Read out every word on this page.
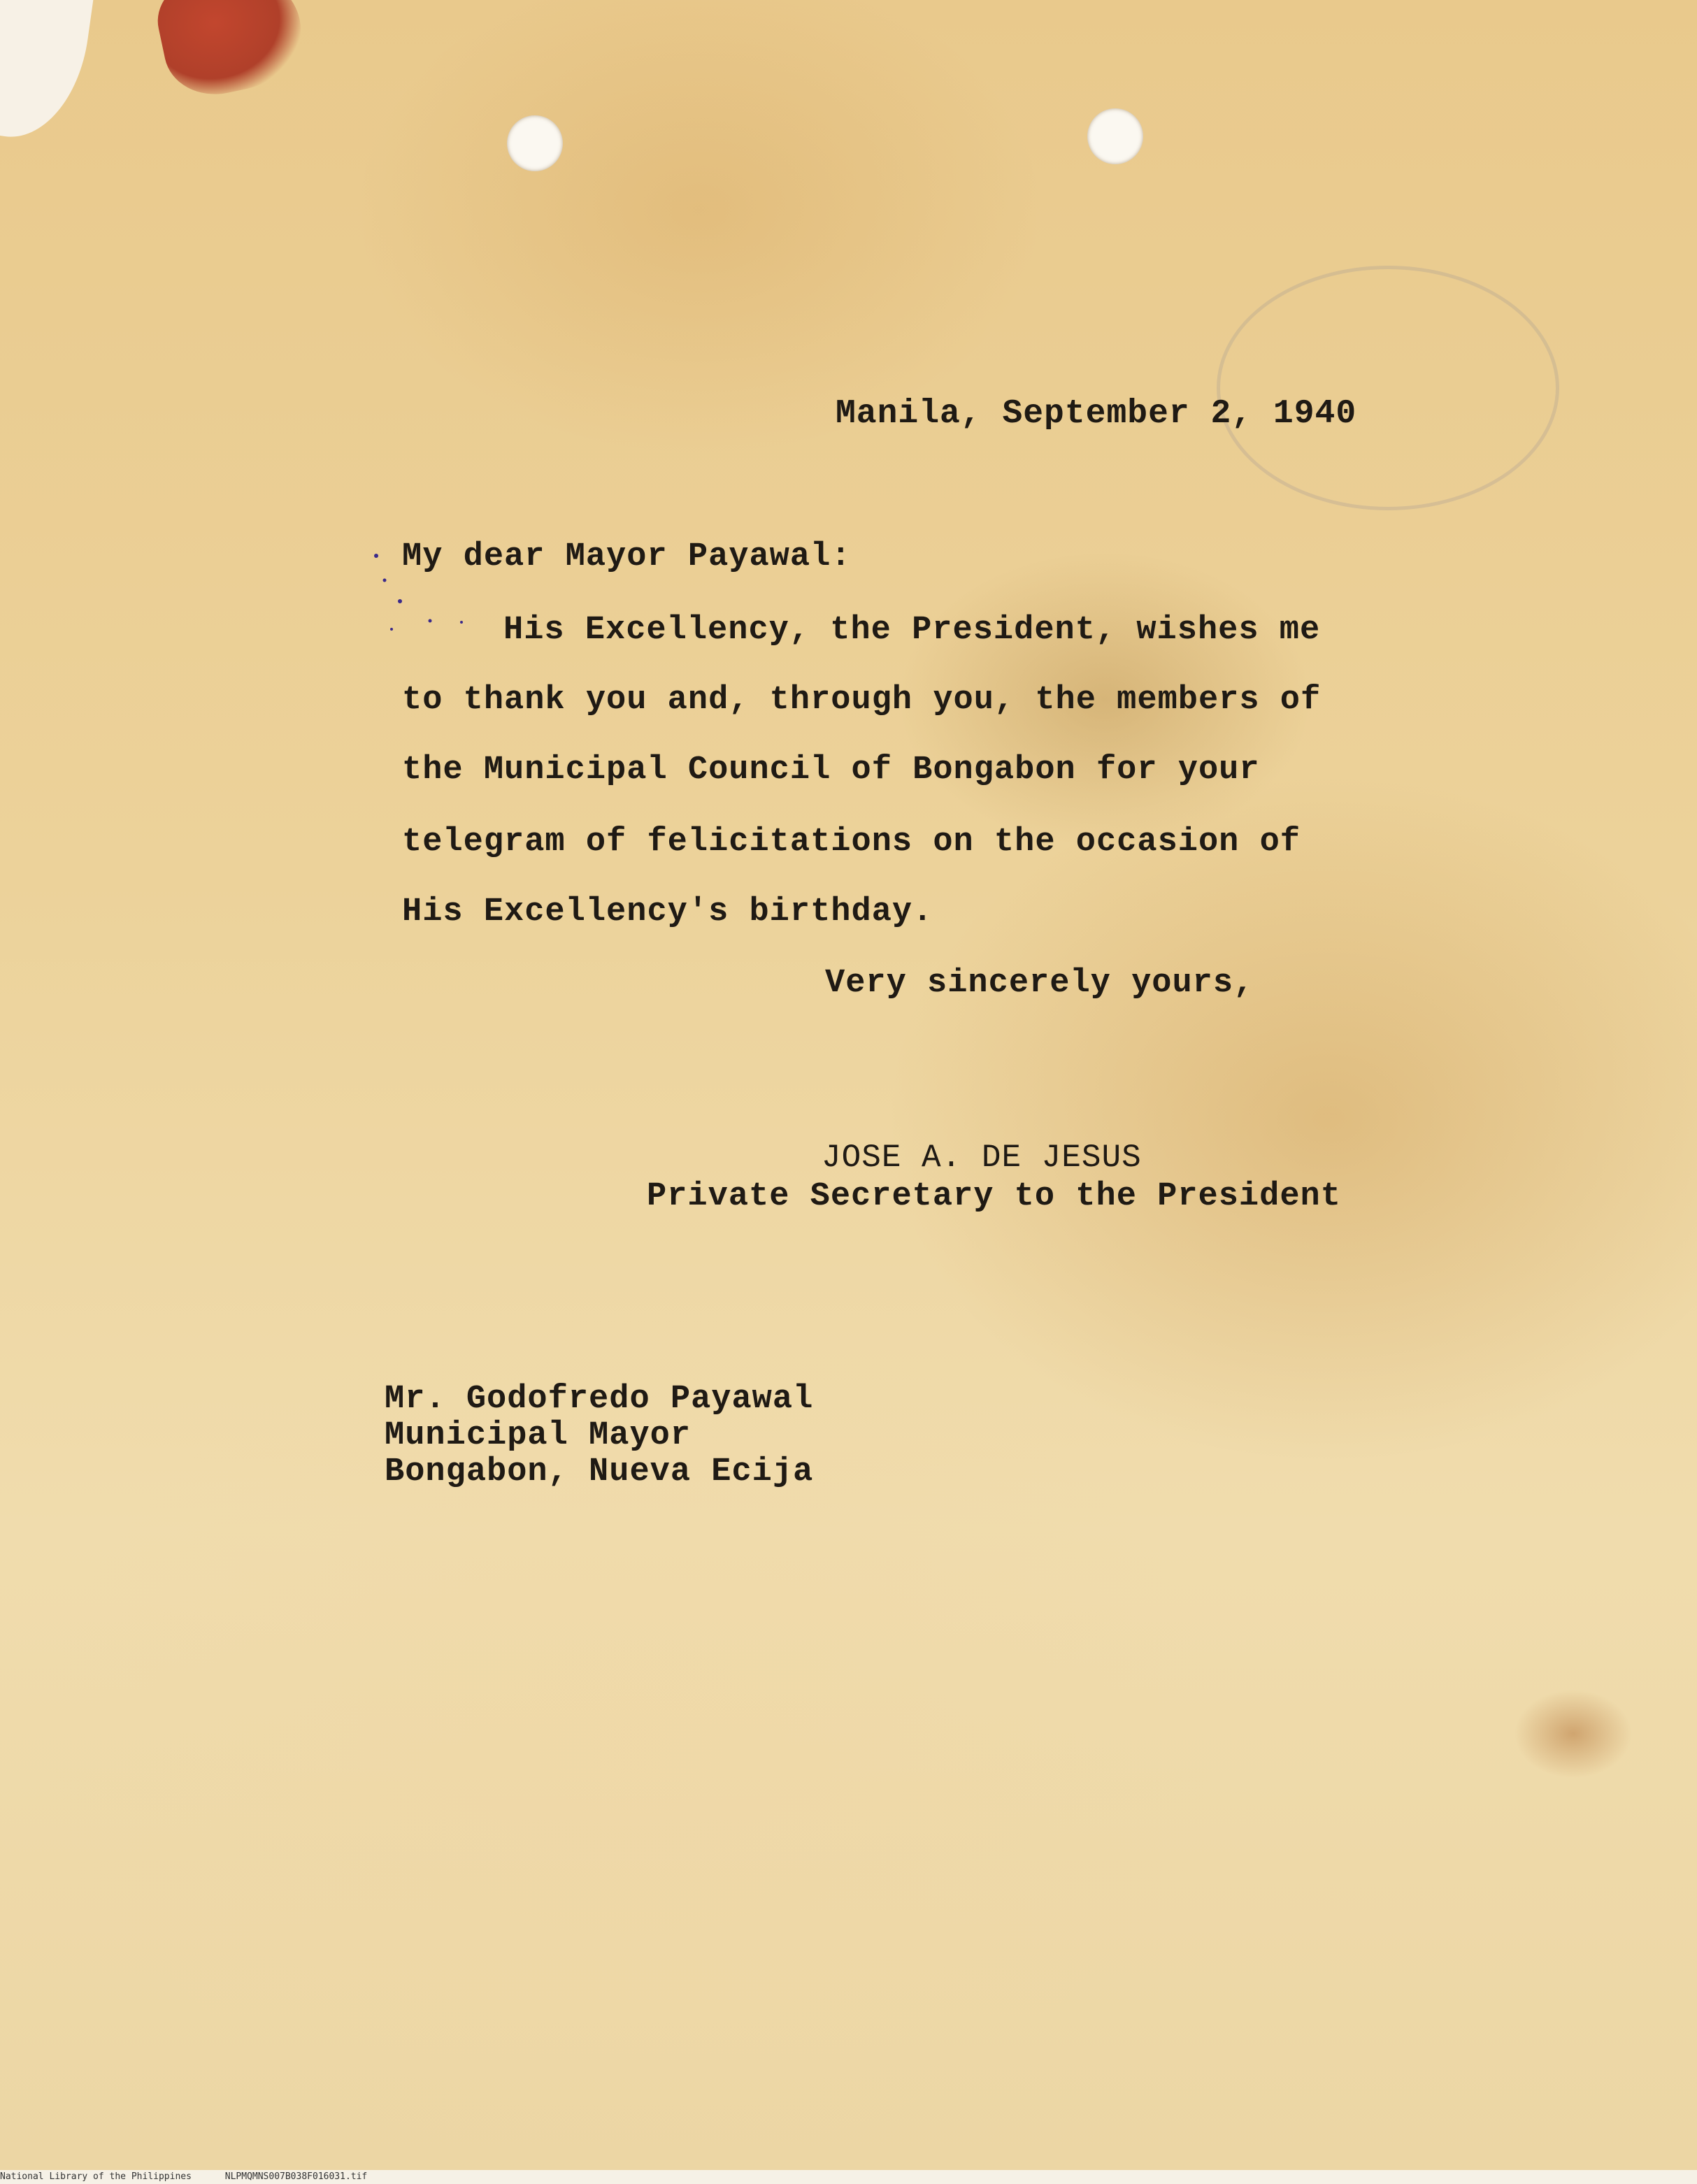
Manila, September 2, 1940
My dear Mayor Payawal:
His Excellency, the President, wishes me
to thank you and, through you, the members of
the Municipal Council of Bongabon for your
telegram of felicitations on the occasion of
His Excellency's birthday.
Very sincerely yours,
JOSE A. DE JESUS
Private Secretary to the President
Mr. Godofredo Payawal
Municipal Mayor
Bongabon, Nueva Ecija
National Library of the Philippines	NLPMQMNS007B038F016031.tif
